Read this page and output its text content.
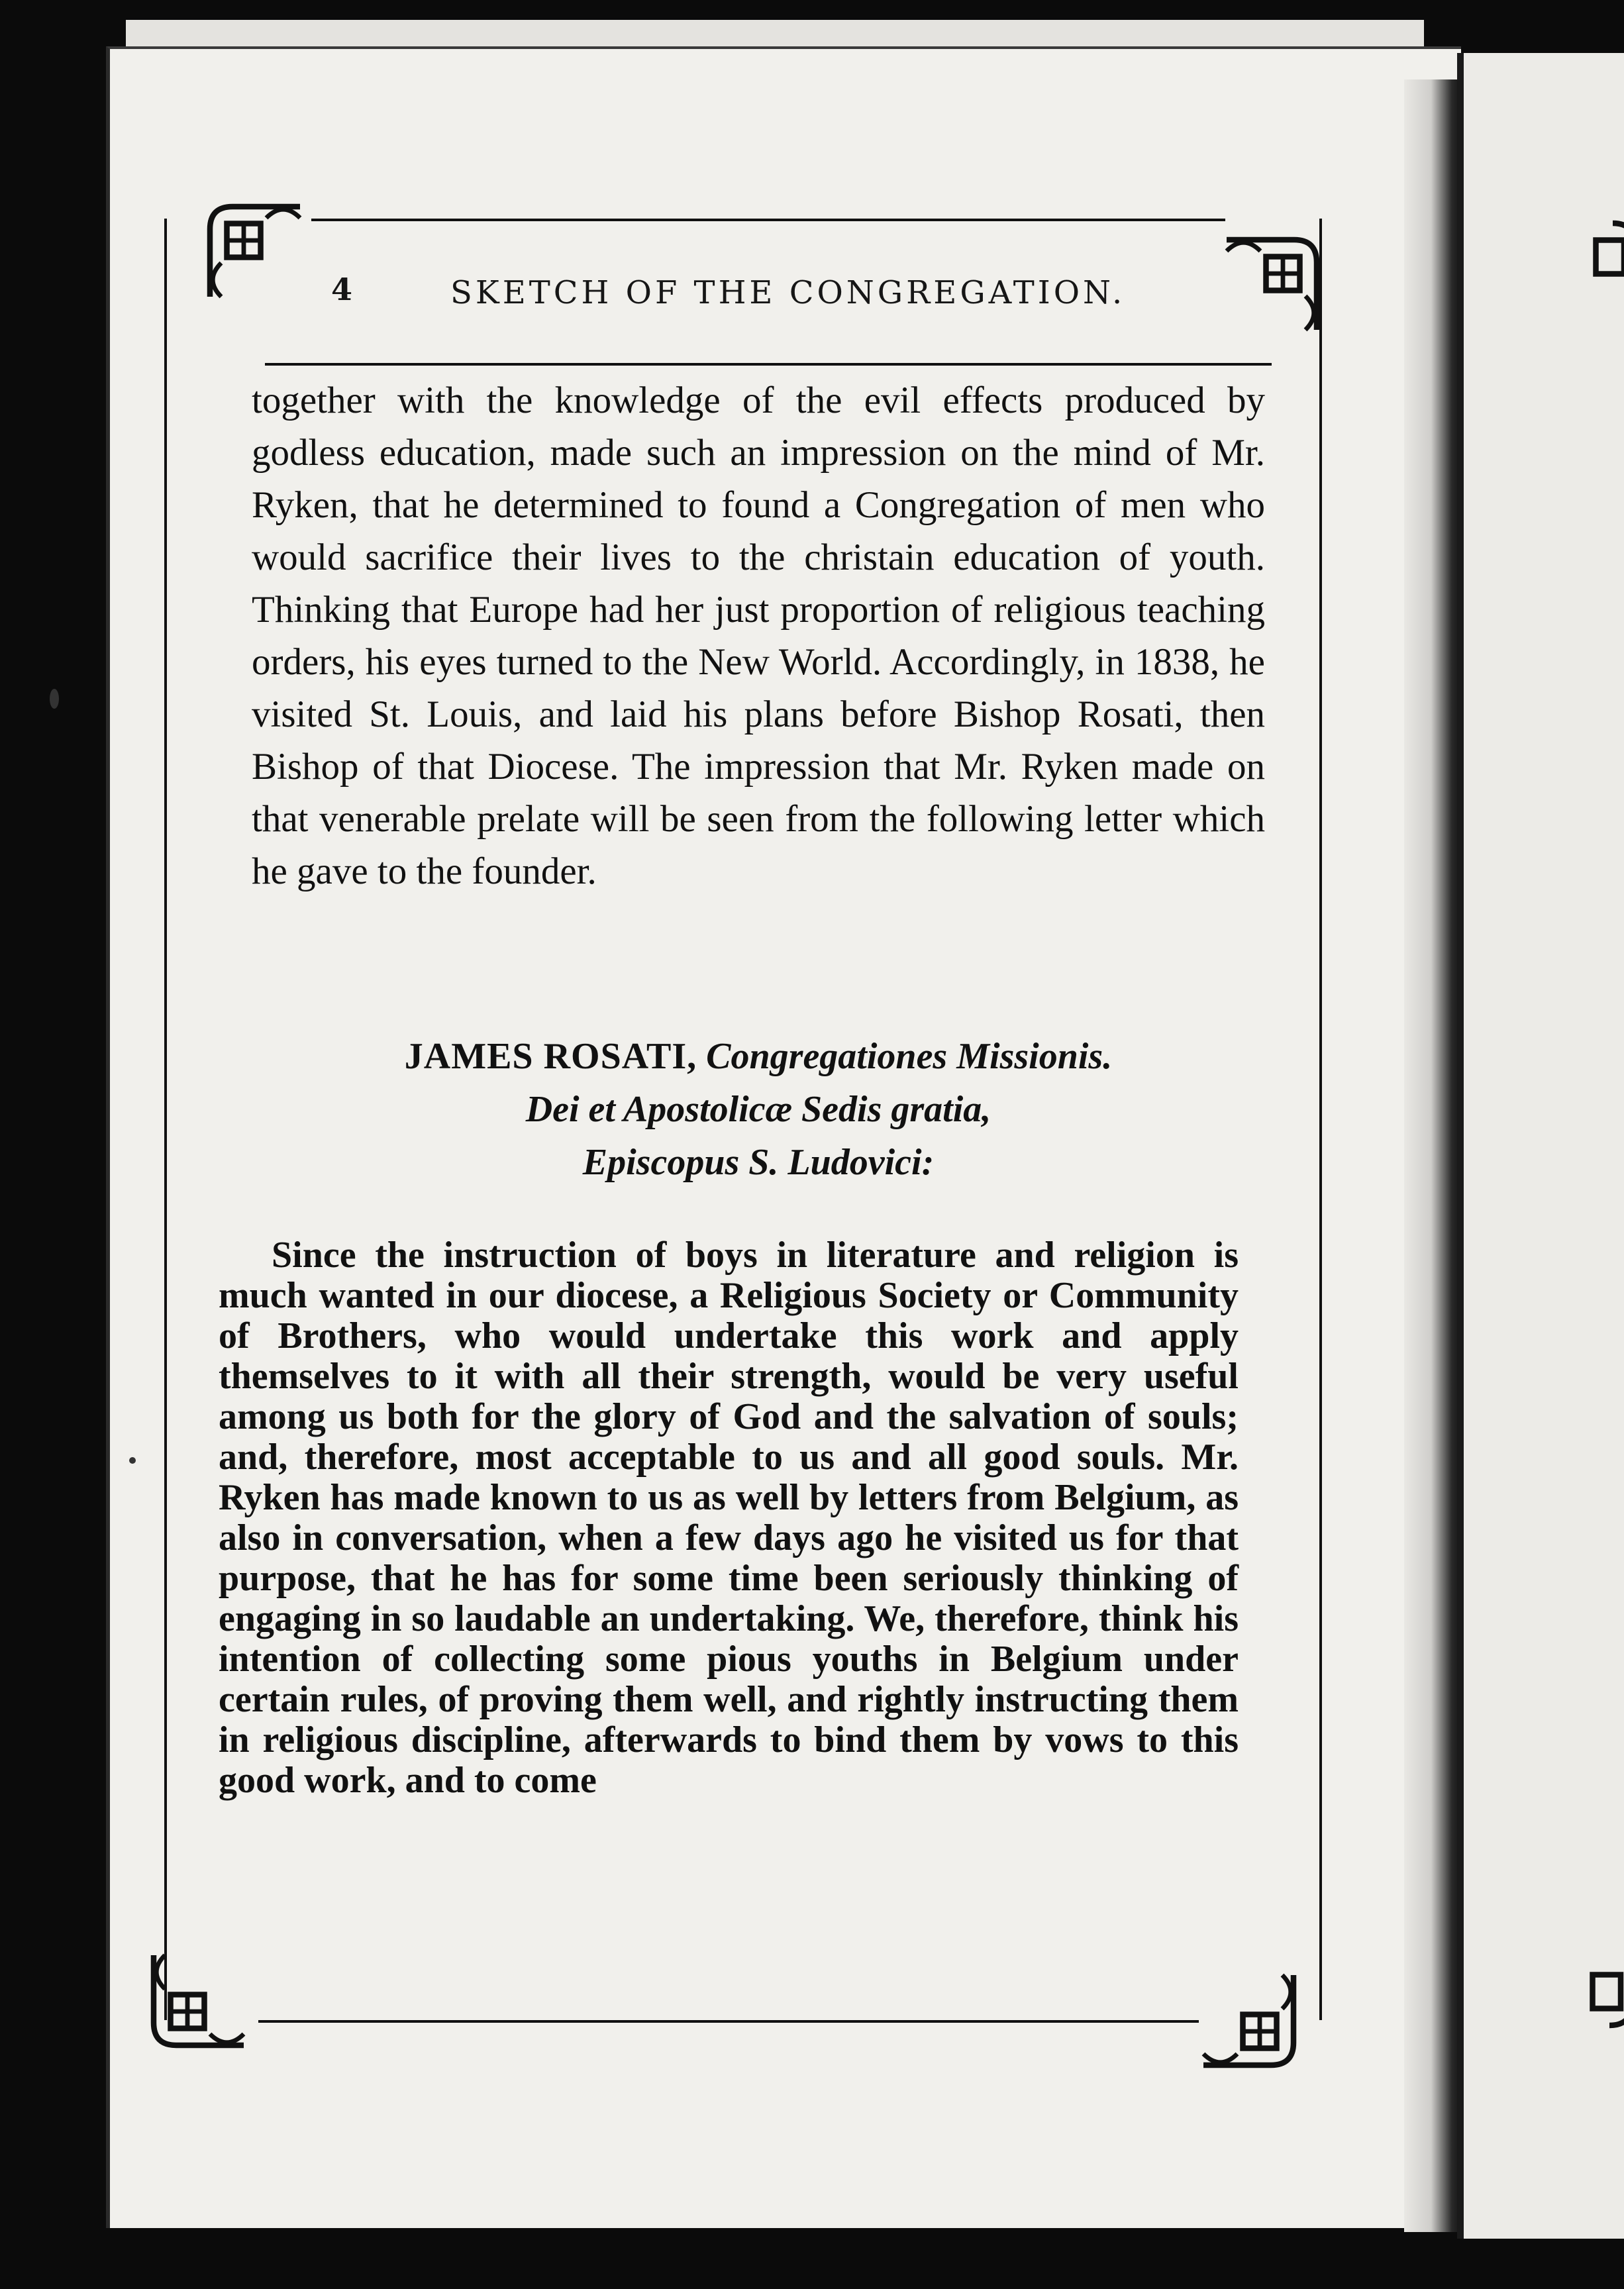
4	SKETCH OF THE CONGREGATION.

together with the knowledge of the evil effects produced by godless education, made such an impression on the mind of Mr. Ryken, that he determined to found a Congregation of men who would sacrifice their lives to the christain education of youth. Thinking that Europe had her just proportion of religious teaching orders, his eyes turned to the New World. Accordingly, in 1838, he visited St. Louis, and laid his plans before Bishop Rosati, then Bishop of that Diocese. The impression that Mr. Ryken made on that venerable prelate will be seen from the following letter which he gave to the founder.

JAMES ROSATI, Congregationes Missionis.
Dei et Apostolicæ Sedis gratia,
Episcopus S. Ludovici:

Since the instruction of boys in literature and religion is much wanted in our diocese, a Religious Society or Community of Brothers, who would undertake this work and apply themselves to it with all their strength, would be very useful among us both for the glory of God and the salvation of souls; and, therefore, most acceptable to us and all good souls. Mr. Ryken has made known to us as well by letters from Belgium, as also in conversation, when a few days ago he visited us for that purpose, that he has for some time been seriously thinking of engaging in so laudable an undertaking. We, therefore, think his intention of collecting some pious youths in Belgium under certain rules, of proving them well, and rightly instructing them in religious discipline, afterwards to bind them by vows to this good work, and to come
